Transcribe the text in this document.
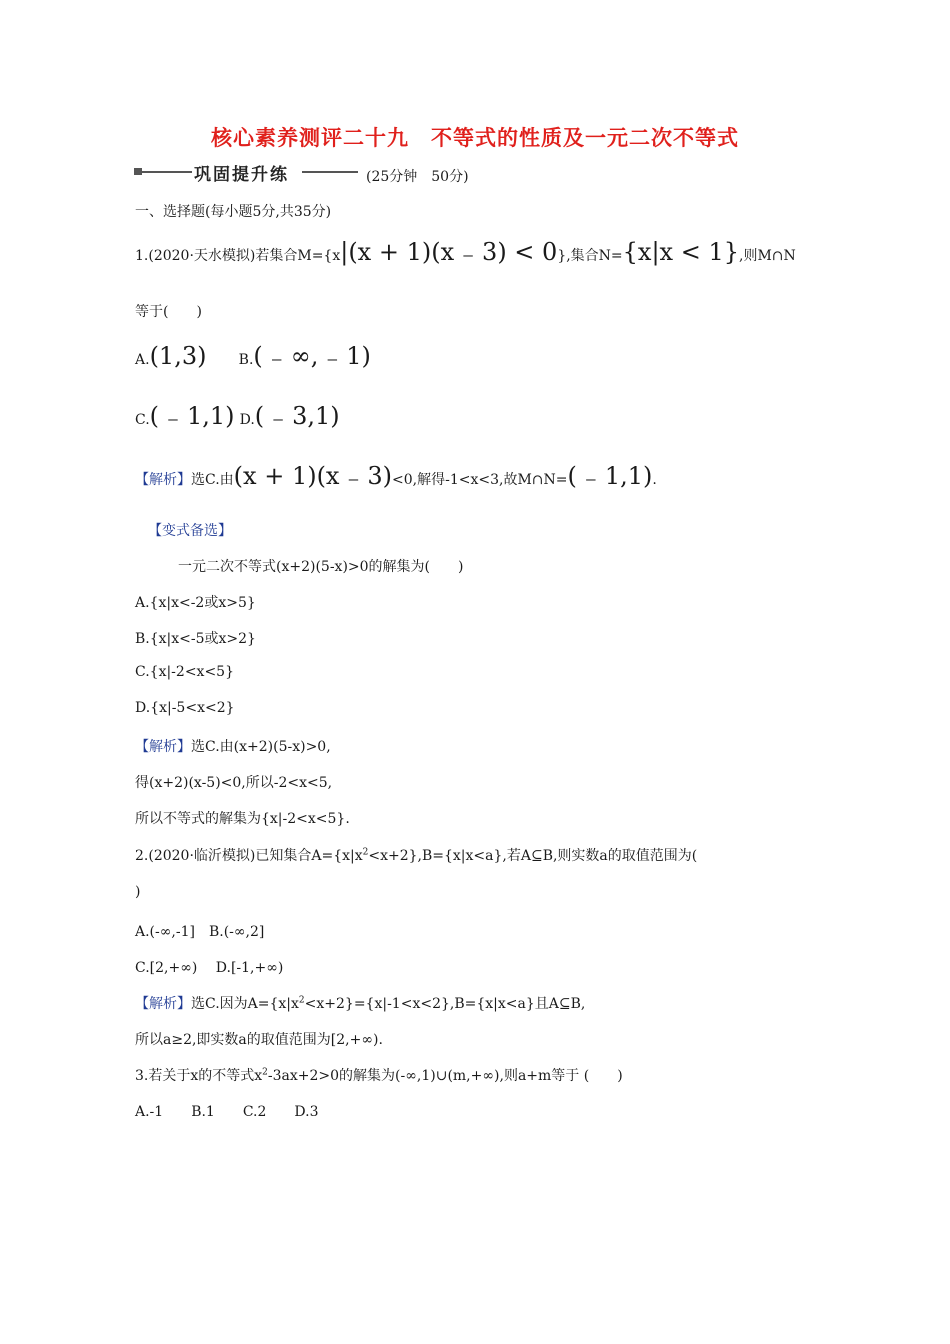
核心素养测评二十九　不等式的性质及一元二次不等式
巩固提升练	(25分钟　50分)
一、选择题(每小题5分,共35分)
1.(2020·天水模拟)若集合M={x|(x + 1)(x ₋ 3) < 0},集合N={x|x < 1},则M∩N
等于(　　)
A.(1,3) B.( ₋ ∞, ₋ 1)
C.( ₋ 1,1) D.( ₋ 3,1)
【解析】选C.由(x + 1)(x ₋ 3)<0,解得-1<x<3,故M∩N=( ₋ 1,1).
【变式备选】
一元二次不等式(x+2)(5-x)>0的解集为(　　)
A.{x|x<-2或x>5}
B.{x|x<-5或x>2}
C.{x|-2<x<5}
D.{x|-5<x<2}
【解析】选C.由(x+2)(5-x)>0,
得(x+2)(x-5)<0,所以-2<x<5,
所以不等式的解集为{x|-2<x<5}.
2.(2020·临沂模拟)已知集合$A=\{x|x^2<x+2\},B=\{x|x<a\}$,若A⊆B,则实数a的取值范围为(
)
A.(-∞,-1]　B.(-∞,2]
C.[2,+∞)　 D.[-1,+∞)
【解析】选C.因为$A=\{x|x^2<x+2\}=\{x|-1<x<2\},B=\{x|x<a\}$且A⊆B,
所以a≥2,即实数a的取值范围为[2,+∞).
3.若关于x的不等式$x^2-3ax+2>0$的解集为(-∞,1)∪(m,+∞),则a+m等于 (　　)
A.-1　　B.1　　C.2　　D.3
